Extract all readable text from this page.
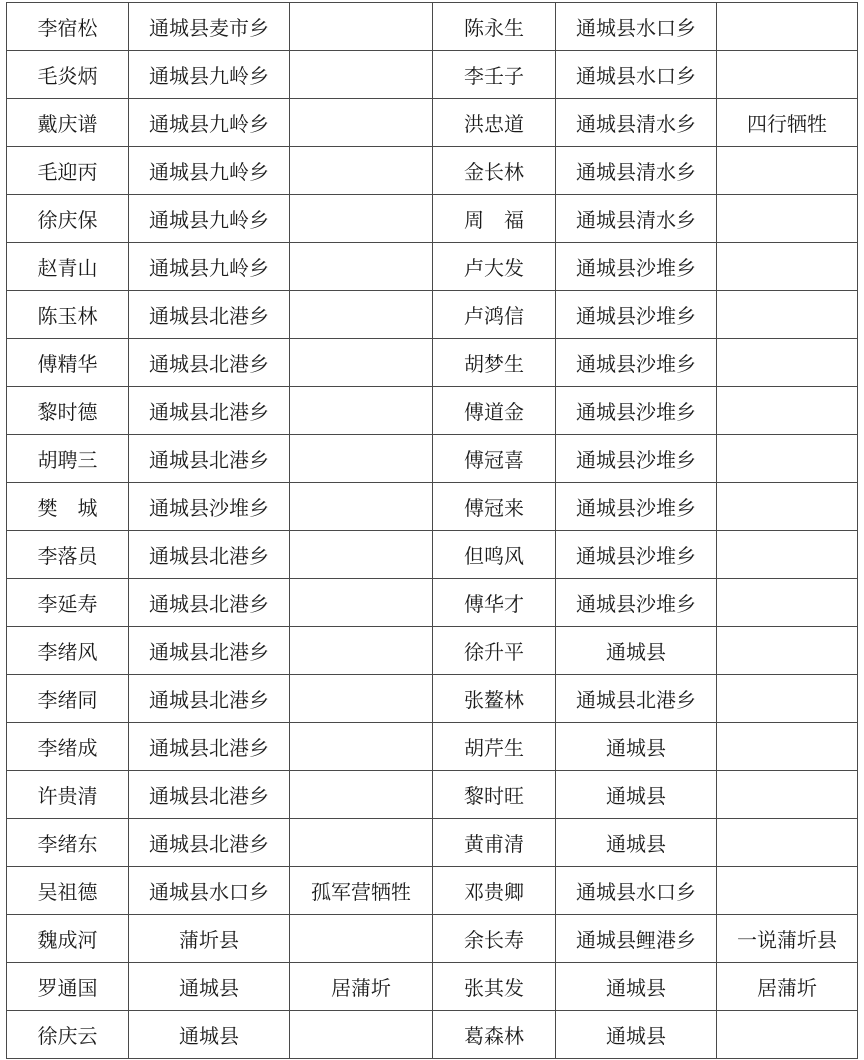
李宿松	通城县麦市乡		陈永生	通城县水口乡	
毛炎炳	通城县九岭乡		李壬子	通城县水口乡	
戴庆谱	通城县九岭乡		洪忠道	通城县清水乡	四行牺牲
毛迎丙	通城县九岭乡		金长林	通城县清水乡	
徐庆保	通城县九岭乡		周　福	通城县清水乡	
赵青山	通城县九岭乡		卢大发	通城县沙堆乡	
陈玉林	通城县北港乡		卢鸿信	通城县沙堆乡	
傅精华	通城县北港乡		胡梦生	通城县沙堆乡	
黎时德	通城县北港乡		傅道金	通城县沙堆乡	
胡聘三	通城县北港乡		傅冠喜	通城县沙堆乡	
樊　城	通城县沙堆乡		傅冠来	通城县沙堆乡	
李落员	通城县北港乡		但鸣风	通城县沙堆乡	
李延寿	通城县北港乡		傅华才	通城县沙堆乡	
李绪风	通城县北港乡		徐升平	通城县	
李绪同	通城县北港乡		张鳌林	通城县北港乡	
李绪成	通城县北港乡		胡芹生	通城县	
许贵清	通城县北港乡		黎时旺	通城县	
李绪东	通城县北港乡		黄甫清	通城县	
吴祖德	通城县水口乡	孤军营牺牲	邓贵卿	通城县水口乡	
魏成河	蒲圻县		余长寿	通城县鲤港乡	一说蒲圻县
罗通国	通城县	居蒲圻	张其发	通城县	居蒲圻
徐庆云	通城县		葛森林	通城县	
